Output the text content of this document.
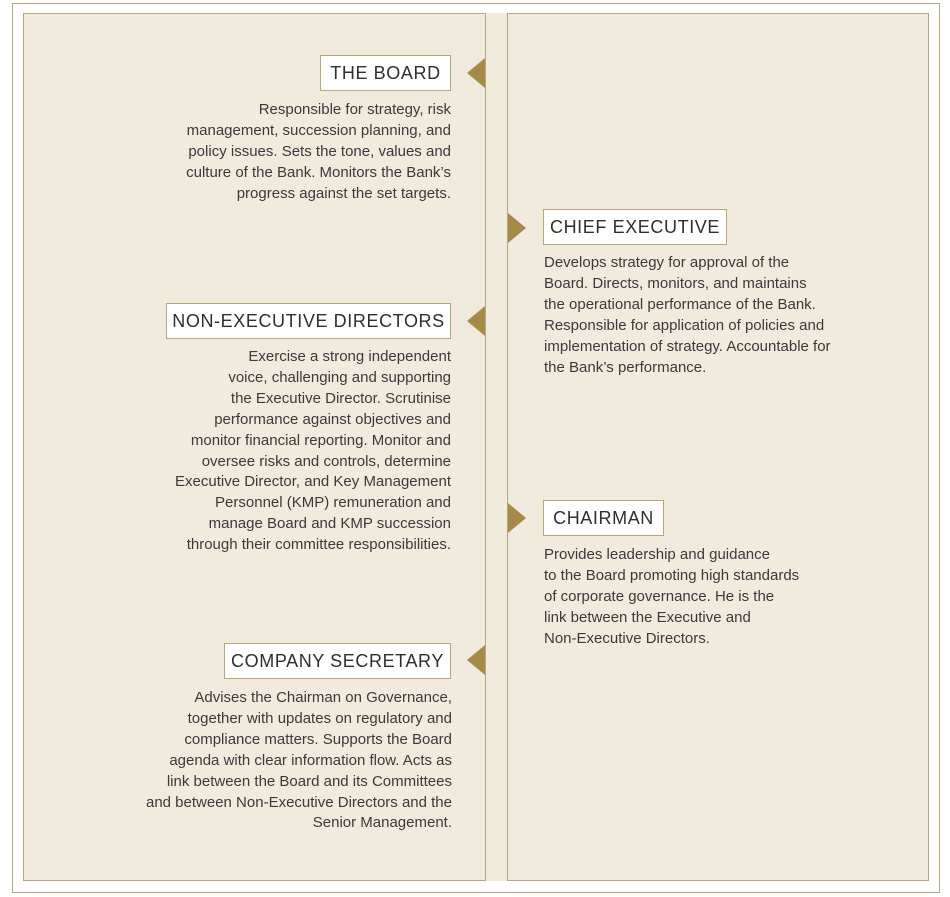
THE BOARD
Responsible for strategy, risk
management, succession planning, and
policy issues. Sets the tone, values and
culture of the Bank. Monitors the Bank’s
progress against the set targets.
CHIEF EXECUTIVE
Develops strategy for approval of the
Board. Directs, monitors, and maintains
the operational performance of the Bank.
Responsible for application of policies and
implementation of strategy. Accountable for
the Bank’s performance.
NON-EXECUTIVE DIRECTORS
Exercise a strong independent
voice, challenging and supporting
the Executive Director. Scrutinise
performance against objectives and
monitor financial reporting. Monitor and
oversee risks and controls, determine
Executive Director, and Key Management
Personnel (KMP) remuneration and
manage Board and KMP succession
through their committee responsibilities.
CHAIRMAN
Provides leadership and guidance
to the Board promoting high standards
of corporate governance. He is the
link between the Executive and
Non-Executive Directors.
COMPANY SECRETARY
Advises the Chairman on Governance,
together with updates on regulatory and
compliance matters. Supports the Board
agenda with clear information flow. Acts as
link between the Board and its Committees
and between Non-Executive Directors and the
Senior Management.
